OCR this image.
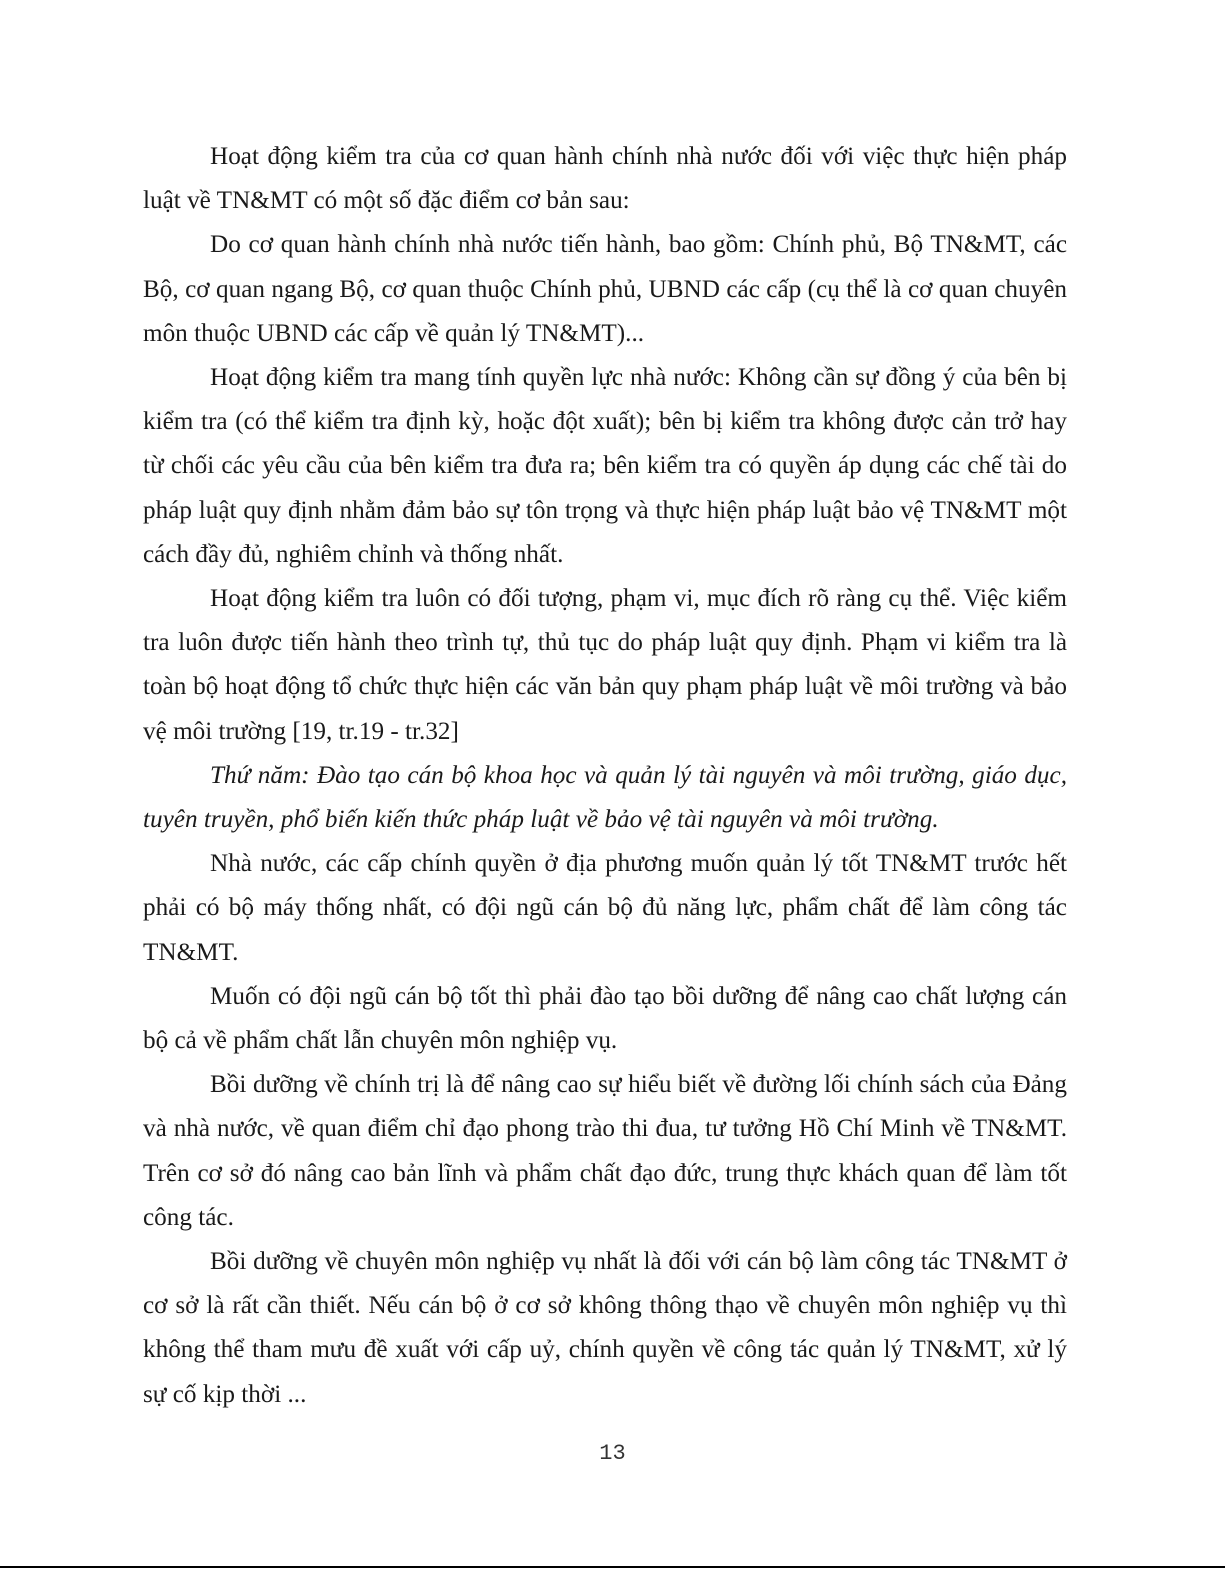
Hoạt động kiểm tra của cơ quan hành chính nhà nước đối với việc thực hiện pháp luật về TN&MT có một số đặc điểm cơ bản sau:

Do cơ quan hành chính nhà nước tiến hành, bao gồm: Chính phủ, Bộ TN&MT, các Bộ, cơ quan ngang Bộ, cơ quan thuộc Chính phủ, UBND các cấp (cụ thể là cơ quan chuyên môn thuộc UBND các cấp về quản lý TN&MT)...

Hoạt động kiểm tra mang tính quyền lực nhà nước: Không cần sự đồng ý của bên bị kiểm tra (có thể kiểm tra định kỳ, hoặc đột xuất); bên bị kiểm tra không được cản trở hay từ chối các yêu cầu của bên kiểm tra đưa ra; bên kiểm tra có quyền áp dụng các chế tài do pháp luật quy định nhằm đảm bảo sự tôn trọng và thực hiện pháp luật bảo vệ TN&MT một cách đầy đủ, nghiêm chỉnh và thống nhất.

Hoạt động kiểm tra luôn có đối tượng, phạm vi, mục đích rõ ràng cụ thể. Việc kiểm tra luôn được tiến hành theo trình tự, thủ tục do pháp luật quy định. Phạm vi kiểm tra là toàn bộ hoạt động tổ chức thực hiện các văn bản quy phạm pháp luật về môi trường và bảo vệ môi trường [19, tr.19 - tr.32]

Thứ năm: Đào tạo cán bộ khoa học và quản lý tài nguyên và môi trường, giáo dục, tuyên truyền, phổ biến kiến thức pháp luật về bảo vệ tài nguyên và môi trường.

Nhà nước, các cấp chính quyền ở địa phương muốn quản lý tốt TN&MT trước hết phải có bộ máy thống nhất, có đội ngũ cán bộ đủ năng lực, phẩm chất để làm công tác TN&MT.

Muốn có đội ngũ cán bộ tốt thì phải đào tạo bồi dưỡng để nâng cao chất lượng cán bộ cả về phẩm chất lẫn chuyên môn nghiệp vụ.

Bồi dưỡng về chính trị là để nâng cao sự hiểu biết về đường lối chính sách của Đảng và nhà nước, về quan điểm chỉ đạo phong trào thi đua, tư tưởng Hồ Chí Minh về TN&MT. Trên cơ sở đó nâng cao bản lĩnh và phẩm chất đạo đức, trung thực khách quan để làm tốt công tác.

Bồi dưỡng về chuyên môn nghiệp vụ nhất là đối với cán bộ làm công tác TN&MT ở cơ sở là rất cần thiết. Nếu cán bộ ở cơ sở không thông thạo về chuyên môn nghiệp vụ thì không thể tham mưu đề xuất với cấp uỷ, chính quyền về công tác quản lý TN&MT, xử lý sự cố kịp thời ...

13
